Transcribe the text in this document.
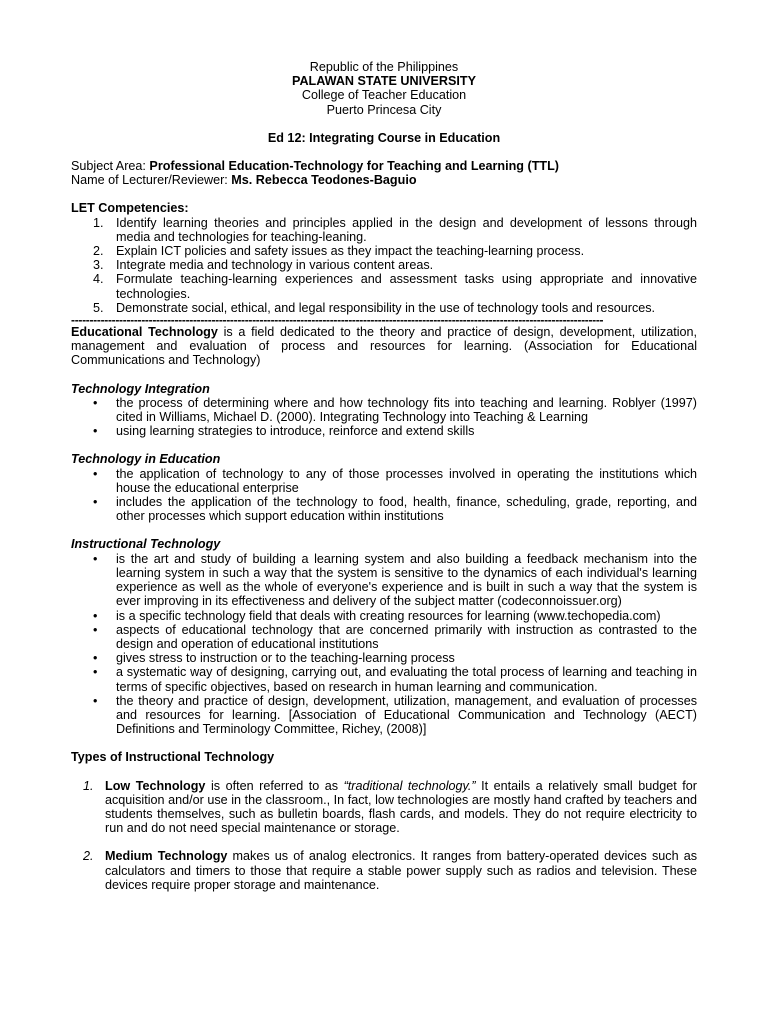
Republic of the Philippines

PALAWAN STATE UNIVERSITY

College of Teacher Education

Puerto Princesa City

Ed 12: Integrating Course in Education

Subject Area: Professional Education-Technology for Teaching and Learning (TTL)

Name of Lecturer/Reviewer: Ms. Rebecca Teodones-Baguio

LET Competencies:

1. Identify learning theories and principles applied in the design and development of lessons through media and technologies for teaching-leaning.
2. Explain ICT policies and safety issues as they impact the teaching-learning process.
3. Integrate media and technology in various content areas.
4. Formulate teaching-learning experiences and assessment tasks using appropriate and innovative technologies.
5. Demonstrate social, ethical, and legal responsibility in the use of technology tools and resources.
------------------------------------------------------------------------------------------------------------------------------------------------

Educational Technology is a field dedicated to the theory and practice of design, development, utilization, management and evaluation of process and resources for learning. (Association for Educational Communications and Technology)

Technology Integration

• the process of determining where and how technology fits into teaching and learning. Roblyer (1997) cited in Williams, Michael D. (2000). Integrating Technology into Teaching & Learning
• using learning strategies to introduce, reinforce and extend skills

Technology in Education

• the application of technology to any of those processes involved in operating the institutions which house the educational enterprise
• includes the application of the technology to food, health, finance, scheduling, grade, reporting, and other processes which support education within institutions

Instructional Technology

• is the art and study of building a learning system and also building a feedback mechanism into the learning system in such a way that the system is sensitive to the dynamics of each individual's learning experience as well as the whole of everyone's experience and is built in such a way that the system is ever improving in its effectiveness and delivery of the subject matter (codeconnoissuer.org)
• is a specific technology field that deals with creating resources for learning (www.techopedia.com)
• aspects of educational technology that are concerned primarily with instruction as contrasted to the design and operation of educational institutions
• gives stress to instruction or to the teaching-learning process
• a systematic way of designing, carrying out, and evaluating the total process of learning and teaching in terms of specific objectives, based on research in human learning and communication.
• the theory and practice of design, development, utilization, management, and evaluation of processes and resources for learning. [Association of Educational Communication and Technology (AECT) Definitions and Terminology Committee, Richey, (2008)]

Types of Instructional Technology

1. Low Technology is often referred to as “traditional technology.” It entails a relatively small budget for acquisition and/or use in the classroom., In fact, low technologies are mostly hand crafted by teachers and students themselves, such as bulletin boards, flash cards, and models. They do not require electricity to run and do not need special maintenance or storage.
2. Medium Technology makes us of analog electronics. It ranges from battery-operated devices such as calculators and timers to those that require a stable power supply such as radios and television. These devices require proper storage and maintenance.
